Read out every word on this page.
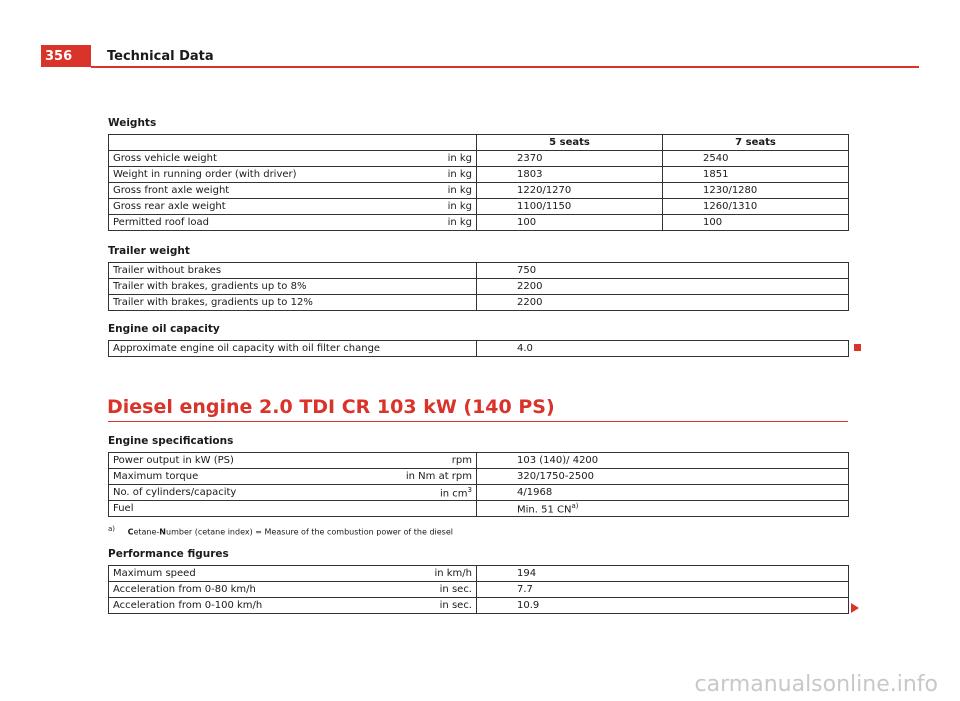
356	Technical Data
Weights
		5 seats	7 seats
Gross vehicle weight	in kg	2370	2540
Weight in running order (with driver)	in kg	1803	1851
Gross front axle weight	in kg	1220/1270	1230/1280
Gross rear axle weight	in kg	1100/1150	1260/1310
Permitted roof load	in kg	100	100
Trailer weight
Trailer without brakes	750
Trailer with brakes, gradients up to 8%	2200
Trailer with brakes, gradients up to 12%	2200
Engine oil capacity
Approximate engine oil capacity with oil filter change	4.0
Diesel engine 2.0 TDI CR 103 kW (140 PS)
Engine specifications
Power output in kW (PS)	rpm	103 (140)/ 4200
Maximum torque	in Nm at rpm	320/1750-2500
No. of cylinders/capacity	in $cm^3$	4/1968
Fuel		Min. 51 CN$^{a)}$
$^{a)}$ Cetane-Number (cetane index) = Measure of the combustion power of the diesel
Performance figures
Maximum speed	in km/h	194
Acceleration from 0-80 km/h	in sec.	7.7
Acceleration from 0-100 km/h	in sec.	10.9
carmanualsonline.info
